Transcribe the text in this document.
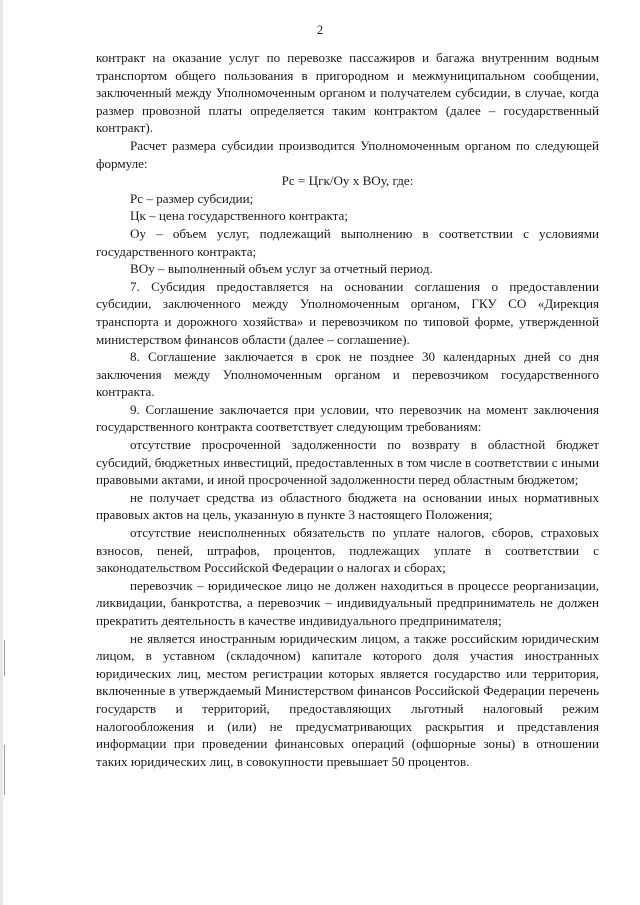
2

контракт на оказание услуг по перевозке пассажиров и багажа внутренним водным транспортом общего пользования в пригородном и межмуниципальном сообщении, заключенный между Уполномоченным органом и получателем субсидии, в случае, когда размер провозной платы определяется таким контрактом (далее – государственный контракт).

Расчет размера субсидии производится Уполномоченным органом по следующей формуле:

Рс = Цгк/Оу х ВОу, где:

Рс – размер субсидии;

Цк – цена государственного контракта;

Оу – объем услуг, подлежащий выполнению в соответствии с условиями государственного контракта;

ВОу – выполненный объем услуг за отчетный период.

7. Субсидия предоставляется на основании соглашения о предоставлении субсидии, заключенного между Уполномоченным органом, ГКУ СО «Дирекция транспорта и дорожного хозяйства» и перевозчиком по типовой форме, утвержденной министерством финансов области (далее – соглашение).

8. Соглашение заключается в срок не позднее 30 календарных дней со дня заключения между Уполномоченным органом и перевозчиком государственного контракта.

9. Соглашение заключается при условии, что перевозчик на момент заключения государственного контракта соответствует следующим требованиям:

отсутствие просроченной задолженности по возврату в областной бюджет субсидий, бюджетных инвестиций, предоставленных в том числе в соответствии с иными правовыми актами, и иной просроченной задолженности перед областным бюджетом;

не получает средства из областного бюджета на основании иных нормативных правовых актов на цель, указанную в пункте 3 настоящего Положения;

отсутствие неисполненных обязательств по уплате налогов, сборов, страховых взносов, пеней, штрафов, процентов, подлежащих уплате в соответствии с законодательством Российской Федерации о налогах и сборах;

перевозчик – юридическое лицо не должен находиться в процессе реорганизации, ликвидации, банкротства, а перевозчик – индивидуальный предприниматель не должен прекратить деятельность в качестве индивидуального предпринимателя;

не является иностранным юридическим лицом, а также российским юридическим лицом, в уставном (складочном) капитале которого доля участия иностранных юридических лиц, местом регистрации которых является государство или территория, включенные в утверждаемый Министерством финансов Российской Федерации перечень государств и территорий, предоставляющих льготный налоговый режим налогообложения и (или) не предусматривающих раскрытия и представления информации при проведении финансовых операций (офшорные зоны) в отношении таких юридических лиц, в совокупности превышает 50 процентов.
